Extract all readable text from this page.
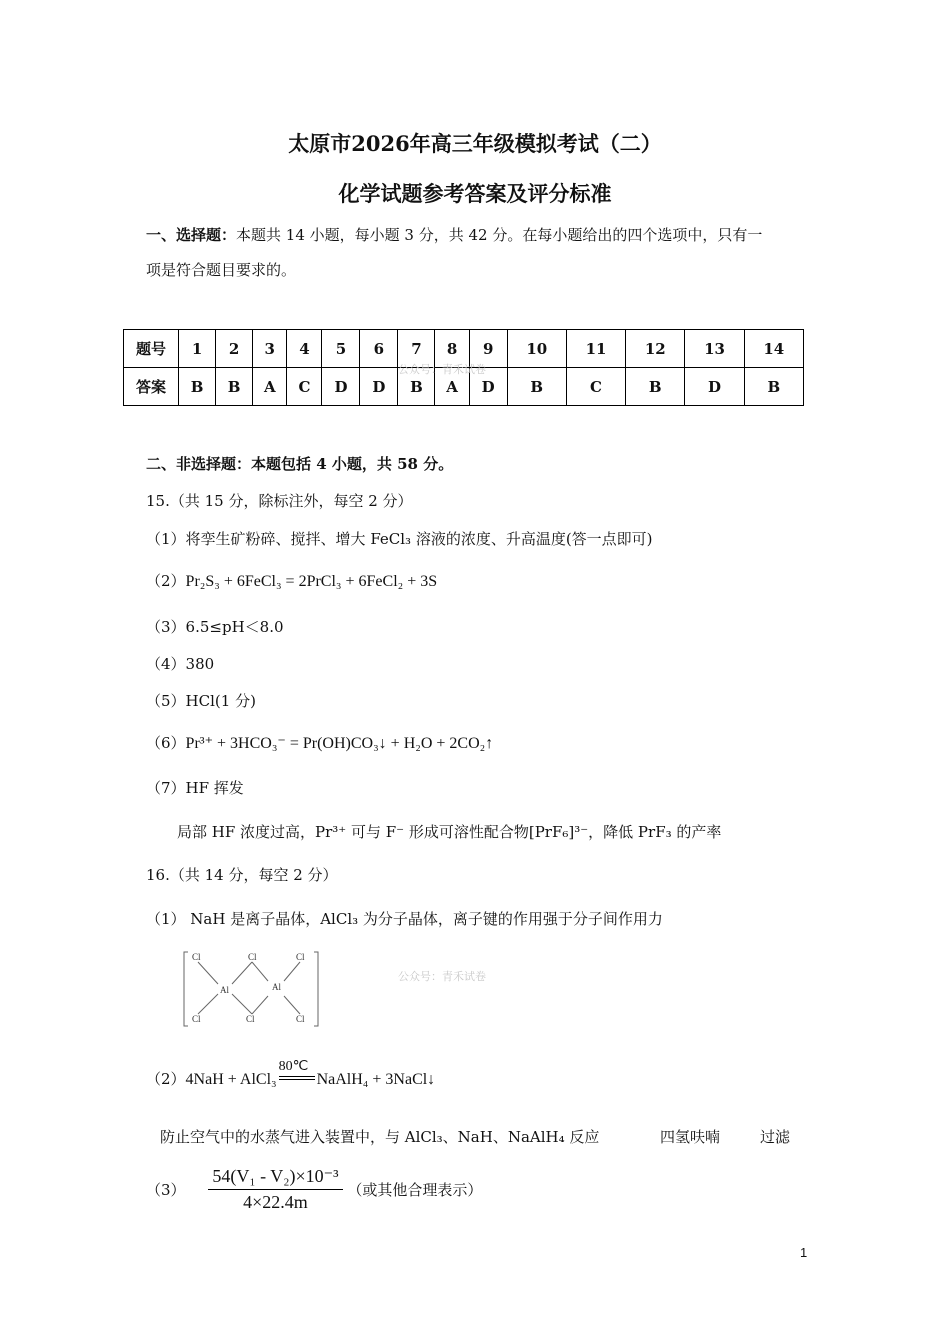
太原市2026年高三年级模拟考试（二）
化学试题参考答案及评分标准
一、选择题：本题共 14 小题，每小题 3 分，共 42 分。在每小题给出的四个选项中，只有一
项是符合题目要求的。
题号	1	2	3	4	5	6	7	8	9	10	11	12	13	14
答案	B	B	A	C	D	D	B	A	D	B	C	B	D	B
公众号：青禾试卷
二、非选择题：本题包括 4 小题，共 58 分。
15.（共 15 分，除标注外，每空 2 分）
（1）将孪生矿粉碎、搅拌、增大 FeCl₃ 溶液的浓度、升高温度(答一点即可)
（2）Pr₂S₃ + 6FeCl₃ = 2PrCl₃ + 6FeCl₂ + 3S
（3）6.5≤pH＜8.0
（4）380
（5）HCl(1 分)
（6）Pr³⁺ + 3HCO₃⁻ = Pr(OH)CO₃↓ + H₂O + 2CO₂↑
（7）HF 挥发
局部 HF 浓度过高，Pr³⁺ 可与 F⁻ 形成可溶性配合物[PrF₆]³⁻，降低 PrF₃ 的产率
16.（共 14 分，每空 2 分）
（1） NaH 是离子晶体，AlCl₃ 为分子晶体，离子键的作用强于分子间作用力
Cl	Cl	Cl
Al	Al
Cl	Cl	Cl
公众号：青禾试卷
（2）4NaH + AlCl₃
80℃
NaAlH₄ + 3NaCl↓
防止空气中的水蒸气进入装置中，与 AlCl₃、NaH、NaAlH₄ 反应	四氢呋喃	过滤
$(3) \frac{\text{54(V₁ - V₂)×10⁻³}}{4\times 22.4m}$ （或其他合理表示）
1
